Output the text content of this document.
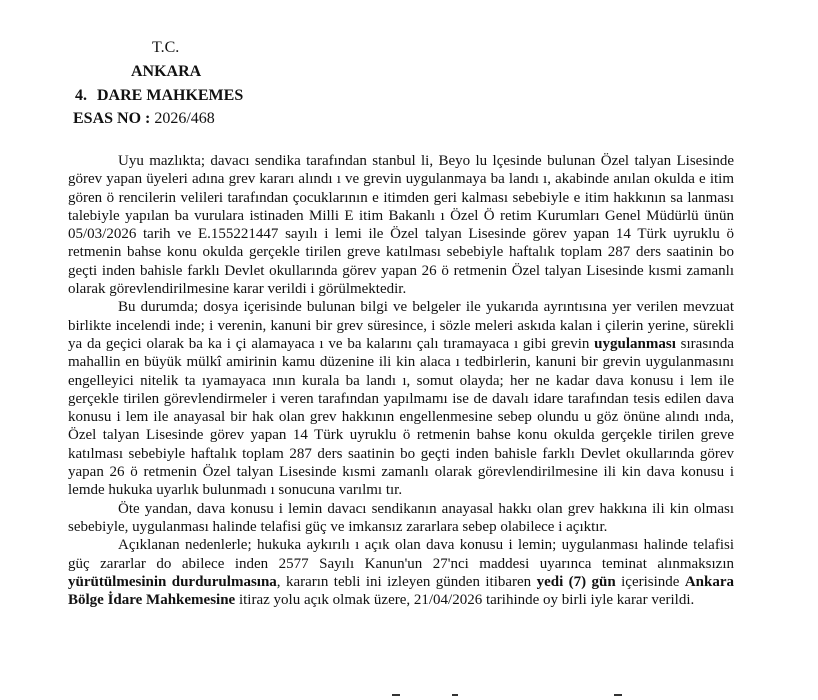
T.C.
ANKARA
4. DARE MAHKEMES
ESAS NO : 2026/468

Uyu mazlıkta; davacı sendika tarafından stanbul li, Beyo lu lçesinde bulunan Özel talyan Lisesinde görev yapan üyeleri adına grev kararı alındı ı ve grevin uygulanmaya ba landı ı, akabinde anılan okulda e itim gören ö rencilerin velileri tarafından çocuklarının e itimden geri kalması sebebiyle e itim hakkının sa lanması talebiyle yapılan ba vurulara istinaden Milli E itim Bakanlı ı Özel Ö retim Kurumları Genel Müdürlü ünün 05/03/2026 tarih ve E.155221447 sayılı i lemi ile Özel talyan Lisesinde görev yapan 14 Türk uyruklu ö retmenin bahse konu okulda gerçekle tirilen greve katılması sebebiyle haftalık toplam 287 ders saatinin bo geçti inden bahisle farklı Devlet okullarında görev yapan 26 ö retmenin Özel talyan Lisesinde kısmi zamanlı olarak görevlendirilmesine karar verildi i görülmektedir.

Bu durumda; dosya içerisinde bulunan bilgi ve belgeler ile yukarıda ayrıntısına yer verilen mevzuat birlikte incelendi inde; i verenin, kanuni bir grev süresince, i sözle meleri askıda kalan i çilerin yerine, sürekli ya da geçici olarak ba ka i çi alamayaca ı ve ba kalarını çalı tıramayaca ı gibi grevin uygulanması sırasında mahallin en büyük mülkî amirinin kamu düzenine ili kin alaca ı tedbirlerin, kanuni bir grevin uygulanmasını engelleyici nitelik ta ıyamayaca ının kurala ba landı ı, somut olayda; her ne kadar dava konusu i lem ile gerçekle tirilen görevlendirmeler i veren tarafından yapılmamı ise de davalı idare tarafından tesis edilen dava konusu i lem ile anayasal bir hak olan grev hakkının engellenmesine sebep olundu u göz önüne alındı ında, Özel talyan Lisesinde görev yapan 14 Türk uyruklu ö retmenin bahse konu okulda gerçekle tirilen greve katılması sebebiyle haftalık toplam 287 ders saatinin bo geçti inden bahisle farklı Devlet okullarında görev yapan 26 ö retmenin Özel talyan Lisesinde kısmi zamanlı olarak görevlendirilmesine ili kin dava konusu i lemde hukuka uyarlık bulunmadı ı sonucuna varılmı tır.

Öte yandan, dava konusu i lemin davacı sendikanın anayasal hakkı olan grev hakkına ili kin olması sebebiyle, uygulanması halinde telafisi güç ve imkansız zararlara sebep olabilece i açıktır.

Açıklanan nedenlerle; hukuka aykırılı ı açık olan dava konusu i lemin; uygulanması halinde telafisi güç zararlar do abilece inden 2577 Sayılı Kanun'un 27'nci maddesi uyarınca teminat alınmaksızın yürütülmesinin durdurulmasına, kararın tebli ini izleyen günden itibaren yedi (7) gün içerisinde Ankara Bölge İdare Mahkemesine itiraz yolu açık olmak üzere, 21/04/2026 tarihinde oy birli iyle karar verildi.
